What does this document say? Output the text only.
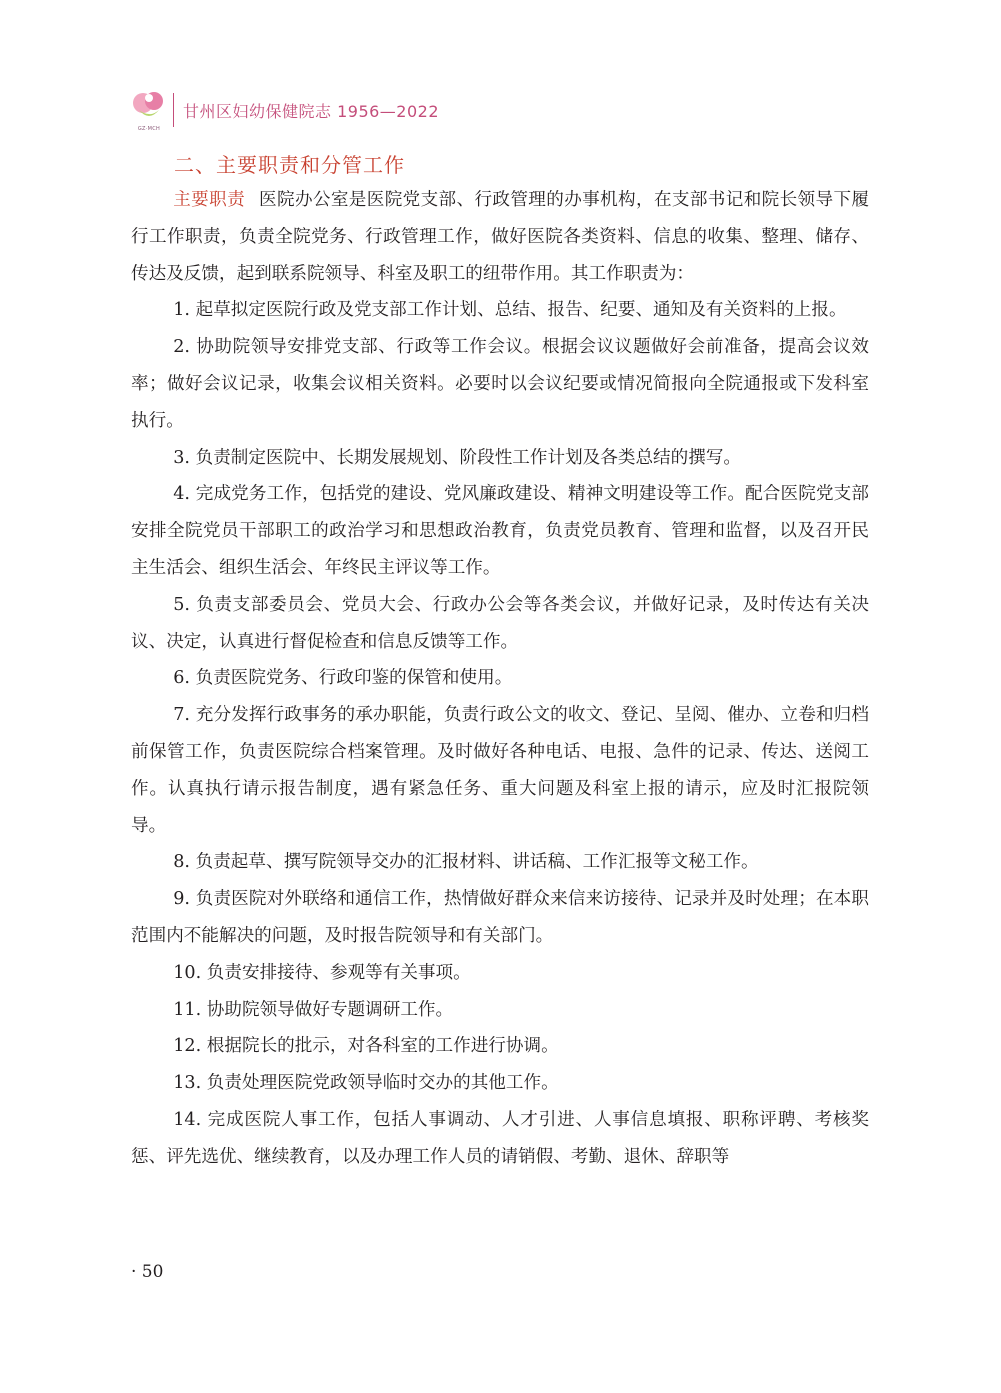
GZ·MCH
甘州区妇幼保健院志 1956—2022
二、主要职责和分管工作

主要职责 医院办公室是医院党支部、行政管理的办事机构，在支部书记和院长领导下履行工作职责，负责全院党务、行政管理工作，做好医院各类资料、信息的收集、整理、储存、传达及反馈，起到联系院领导、科室及职工的纽带作用。其工作职责为：

1. 起草拟定医院行政及党支部工作计划、总结、报告、纪要、通知及有关资料的上报。

2. 协助院领导安排党支部、行政等工作会议。根据会议议题做好会前准备，提高会议效率；做好会议记录，收集会议相关资料。必要时以会议纪要或情况简报向全院通报或下发科室执行。

3. 负责制定医院中、长期发展规划、阶段性工作计划及各类总结的撰写。

4. 完成党务工作，包括党的建设、党风廉政建设、精神文明建设等工作。配合医院党支部安排全院党员干部职工的政治学习和思想政治教育，负责党员教育、管理和监督，以及召开民主生活会、组织生活会、年终民主评议等工作。

5. 负责支部委员会、党员大会、行政办公会等各类会议，并做好记录，及时传达有关决议、决定，认真进行督促检查和信息反馈等工作。

6. 负责医院党务、行政印鉴的保管和使用。

7. 充分发挥行政事务的承办职能，负责行政公文的收文、登记、呈阅、催办、立卷和归档前保管工作，负责医院综合档案管理。及时做好各种电话、电报、急件的记录、传达、送阅工作。认真执行请示报告制度，遇有紧急任务、重大问题及科室上报的请示，应及时汇报院领导。

8. 负责起草、撰写院领导交办的汇报材料、讲话稿、工作汇报等文秘工作。

9. 负责医院对外联络和通信工作，热情做好群众来信来访接待、记录并及时处理；在本职范围内不能解决的问题，及时报告院领导和有关部门。

10. 负责安排接待、参观等有关事项。

11. 协助院领导做好专题调研工作。

12. 根据院长的批示，对各科室的工作进行协调。

13. 负责处理医院党政领导临时交办的其他工作。

14. 完成医院人事工作，包括人事调动、人才引进、人事信息填报、职称评聘、考核奖惩、评先选优、继续教育，以及办理工作人员的请销假、考勤、退休、辞职等

· 50
